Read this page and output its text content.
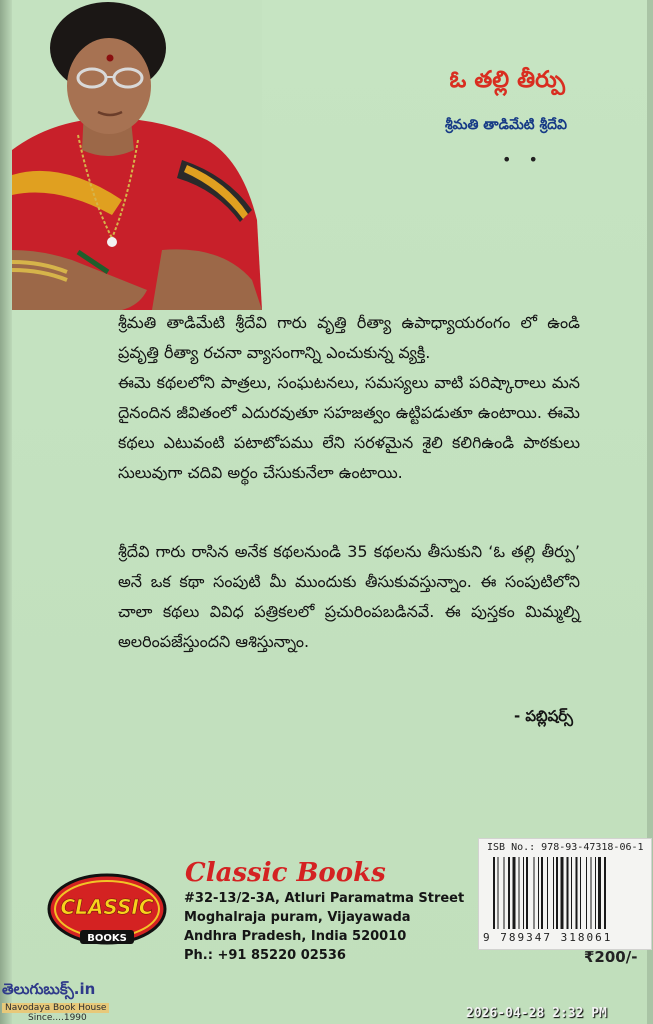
ఓ తల్లి తీర్పు
శ్రీమతి తాడిమేటి శ్రీదేవి
• •
శ్రీమతి తాడిమేటి శ్రీదేవి గారు వృత్తి రీత్యా ఉపాధ్యాయరంగం లో ఉండి ప్రవృత్తి రీత్యా రచనా వ్యాసంగాన్ని ఎంచుకున్న వ్యక్తి.
ఈమె కథలలోని పాత్రలు, సంఘటనలు, సమస్యలు వాటి పరిష్కారాలు మన దైనందిన జీవితంలో ఎదురవుతూ సహజత్వం ఉట్టిపడుతూ ఉంటాయి. ఈమె కథలు ఎటువంటి పటాటోపము లేని సరళమైన శైలి కలిగిఉండి పాఠకులు సులువుగా చదివి అర్థం చేసుకునేలా ఉంటాయి.
శ్రీదేవి గారు రాసిన అనేక కథలనుండి 35 కథలను తీసుకుని ‘ఓ తల్లి తీర్పు’ అనే ఒక కథా సంపుటి మీ ముందుకు తీసుకువస్తున్నాం. ఈ సంపుటిలోని చాలా కథలు వివిధ పత్రికలలో ప్రచురింపబడినవే. ఈ పుస్తకం మిమ్మల్ని అలరింపజేస్తుందని ఆశిస్తున్నాం.
- పబ్లిషర్స్
CLASSIC
BOOKS
Classic Books
#32-13/2-3A, Atluri Paramatma Street
Moghalraja puram, Vijayawada
Andhra Pradesh, India 520010
Ph.: +91 85220 02536
ISB No.: 978-93-47318-06-1
9 789347 318061
₹200/-
తెలుగుబుక్స్.in
Navodaya Book House
Since....1990	2026-04-28 2:32 PM
